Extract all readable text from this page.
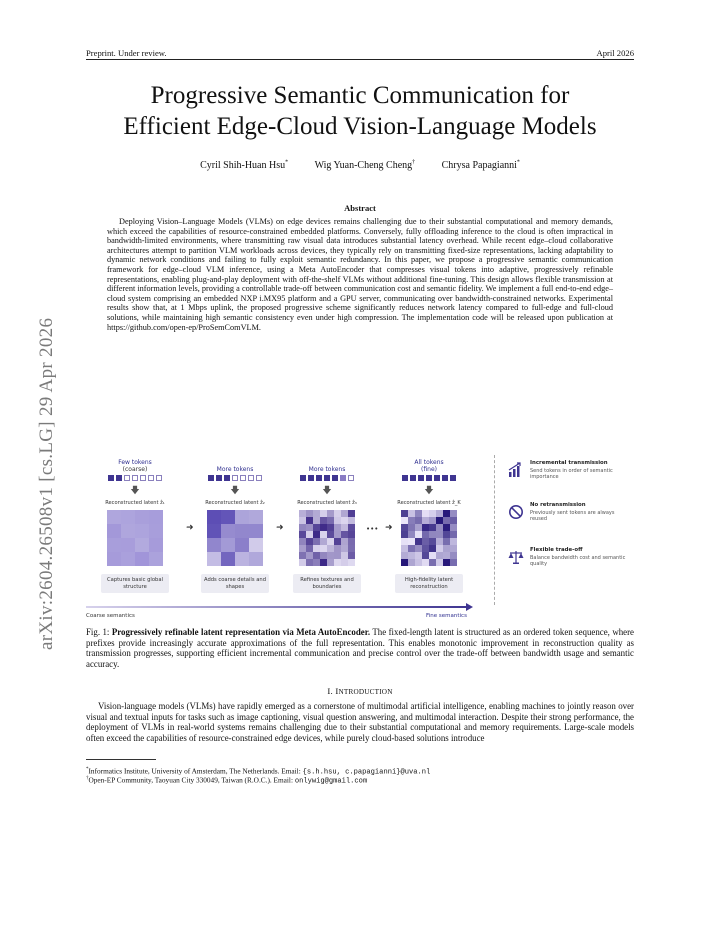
Preprint. Under review.	April 2026
arXiv:2604.26508v1 [cs.LG] 29 Apr 2026
Progressive Semantic Communication for
Efficient Edge-Cloud Vision-Language Models
Cyril Shih-Huan Hsu*	Wig Yuan-Cheng Cheng†	Chrysa Papagianni*
Abstract
Deploying Vision–Language Models (VLMs) on edge devices remains challenging due to their substantial computational and memory demands, which exceed the capabilities of resource-constrained embedded platforms. Conversely, fully offloading inference to the cloud is often impractical in bandwidth-limited environments, where transmitting raw visual data introduces substantial latency overhead. While recent edge–cloud collaborative architectures attempt to partition VLM workloads across devices, they typically rely on transmitting fixed-size representations, lacking adaptability to dynamic network conditions and failing to fully exploit semantic redundancy. In this paper, we propose a progressive semantic communication framework for edge–cloud VLM inference, using a Meta AutoEncoder that compresses visual tokens into adaptive, progressively refinable representations, enabling plug-and-play deployment with off-the-shelf VLMs without additional fine-tuning. This design allows flexible transmission at different information levels, providing a controllable trade-off between communication cost and semantic fidelity. We implement a full end-to-end edge–cloud system comprising an embedded NXP i.MX95 platform and a GPU server, communicating over bandwidth-constrained networks. Experimental results show that, at 1 Mbps uplink, the proposed progressive scheme significantly reduces network latency compared to full-edge and full-cloud solutions, while maintaining high semantic consistency even under high compression. The implementation code will be released upon publication at https://github.com/open-ep/ProSemComVLM.
Few tokens
(coarse)
🡇
Reconstructed latent ẑ₁
Captures basic global structure
➜
More tokens
🡇
Reconstructed latent ẑ₂
Adds coarse details and shapes
➜
More tokens
🡇
Reconstructed latent ẑ₃
Refines textures and boundaries
••• ➜
All tokens
(fine)
🡇
Reconstructed latent ẑ_K
High-fidelity latent reconstruction
Incremental transmission
Send tokens in order of semantic importance
No retransmission
Previously sent tokens are always reused
Flexible trade-off
Balance bandwidth cost and semantic quality
Coarse semantics	Fine semantics
Fig. 1: Progressively refinable latent representation via Meta AutoEncoder. The fixed-length latent is structured as an ordered token sequence, where prefixes provide increasingly accurate approximations of the full representation. This enables monotonic improvement in reconstruction quality as transmission progresses, supporting efficient incremental communication and precise control over the trade-off between bandwidth usage and semantic accuracy.
I. INTRODUCTION
Vision-language models (VLMs) have rapidly emerged as a cornerstone of multimodal artificial intelligence, enabling machines to jointly reason over visual and textual inputs for tasks such as image captioning, visual question answering, and multimodal interaction. Despite their strong performance, the deployment of VLMs in real-world systems remains challenging due to their substantial computational and memory requirements. Large-scale models often exceed the capabilities of resource-constrained edge devices, while purely cloud-based solutions introduce
*Informatics Institute, University of Amsterdam, The Netherlands. Email: {s.h.hsu, c.papagianni}@uva.nl
†Open-EP Community, Taoyuan City 330049, Taiwan (R.O.C.). Email: onlywig@gmail.com
